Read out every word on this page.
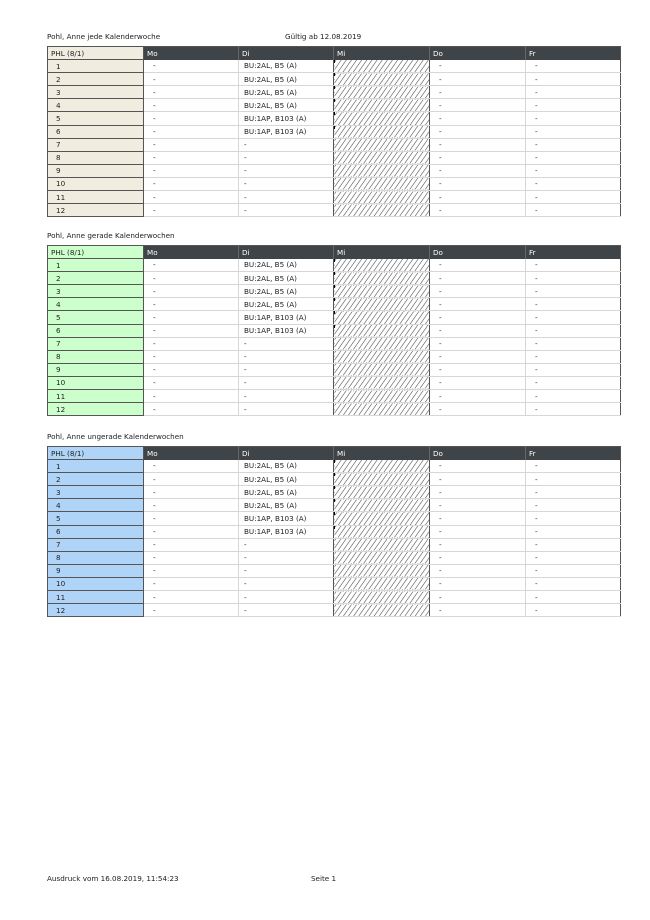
Pohl, Anne jede Kalenderwoche	Gültig ab 12.08.2019
PHL (8/1)	Mo	Di	Mi	Do	Fr
1	-	BU:2AL, B5 (A)		-	-
2	-	BU:2AL, B5 (A)		-	-
3	-	BU:2AL, B5 (A)		-	-
4	-	BU:2AL, B5 (A)		-	-
5	-	BU:1AP, B103 (A)		-	-
6	-	BU:1AP, B103 (A)		-	-
7	-	-		-	-
8	-	-		-	-
9	-	-		-	-
10	-	-		-	-
11	-	-		-	-
12	-	-		-	-
Pohl, Anne gerade Kalenderwochen
PHL (8/1)	Mo	Di	Mi	Do	Fr
1	-	BU:2AL, B5 (A)		-	-
2	-	BU:2AL, B5 (A)		-	-
3	-	BU:2AL, B5 (A)		-	-
4	-	BU:2AL, B5 (A)		-	-
5	-	BU:1AP, B103 (A)		-	-
6	-	BU:1AP, B103 (A)		-	-
7	-	-		-	-
8	-	-		-	-
9	-	-		-	-
10	-	-		-	-
11	-	-		-	-
12	-	-		-	-
Pohl, Anne ungerade Kalenderwochen
PHL (8/1)	Mo	Di	Mi	Do	Fr
1	-	BU:2AL, B5 (A)		-	-
2	-	BU:2AL, B5 (A)		-	-
3	-	BU:2AL, B5 (A)		-	-
4	-	BU:2AL, B5 (A)		-	-
5	-	BU:1AP, B103 (A)		-	-
6	-	BU:1AP, B103 (A)		-	-
7	-	-		-	-
8	-	-		-	-
9	-	-		-	-
10	-	-		-	-
11	-	-		-	-
12	-	-		-	-
Ausdruck vom 16.08.2019, 11:54:23	Seite 1
